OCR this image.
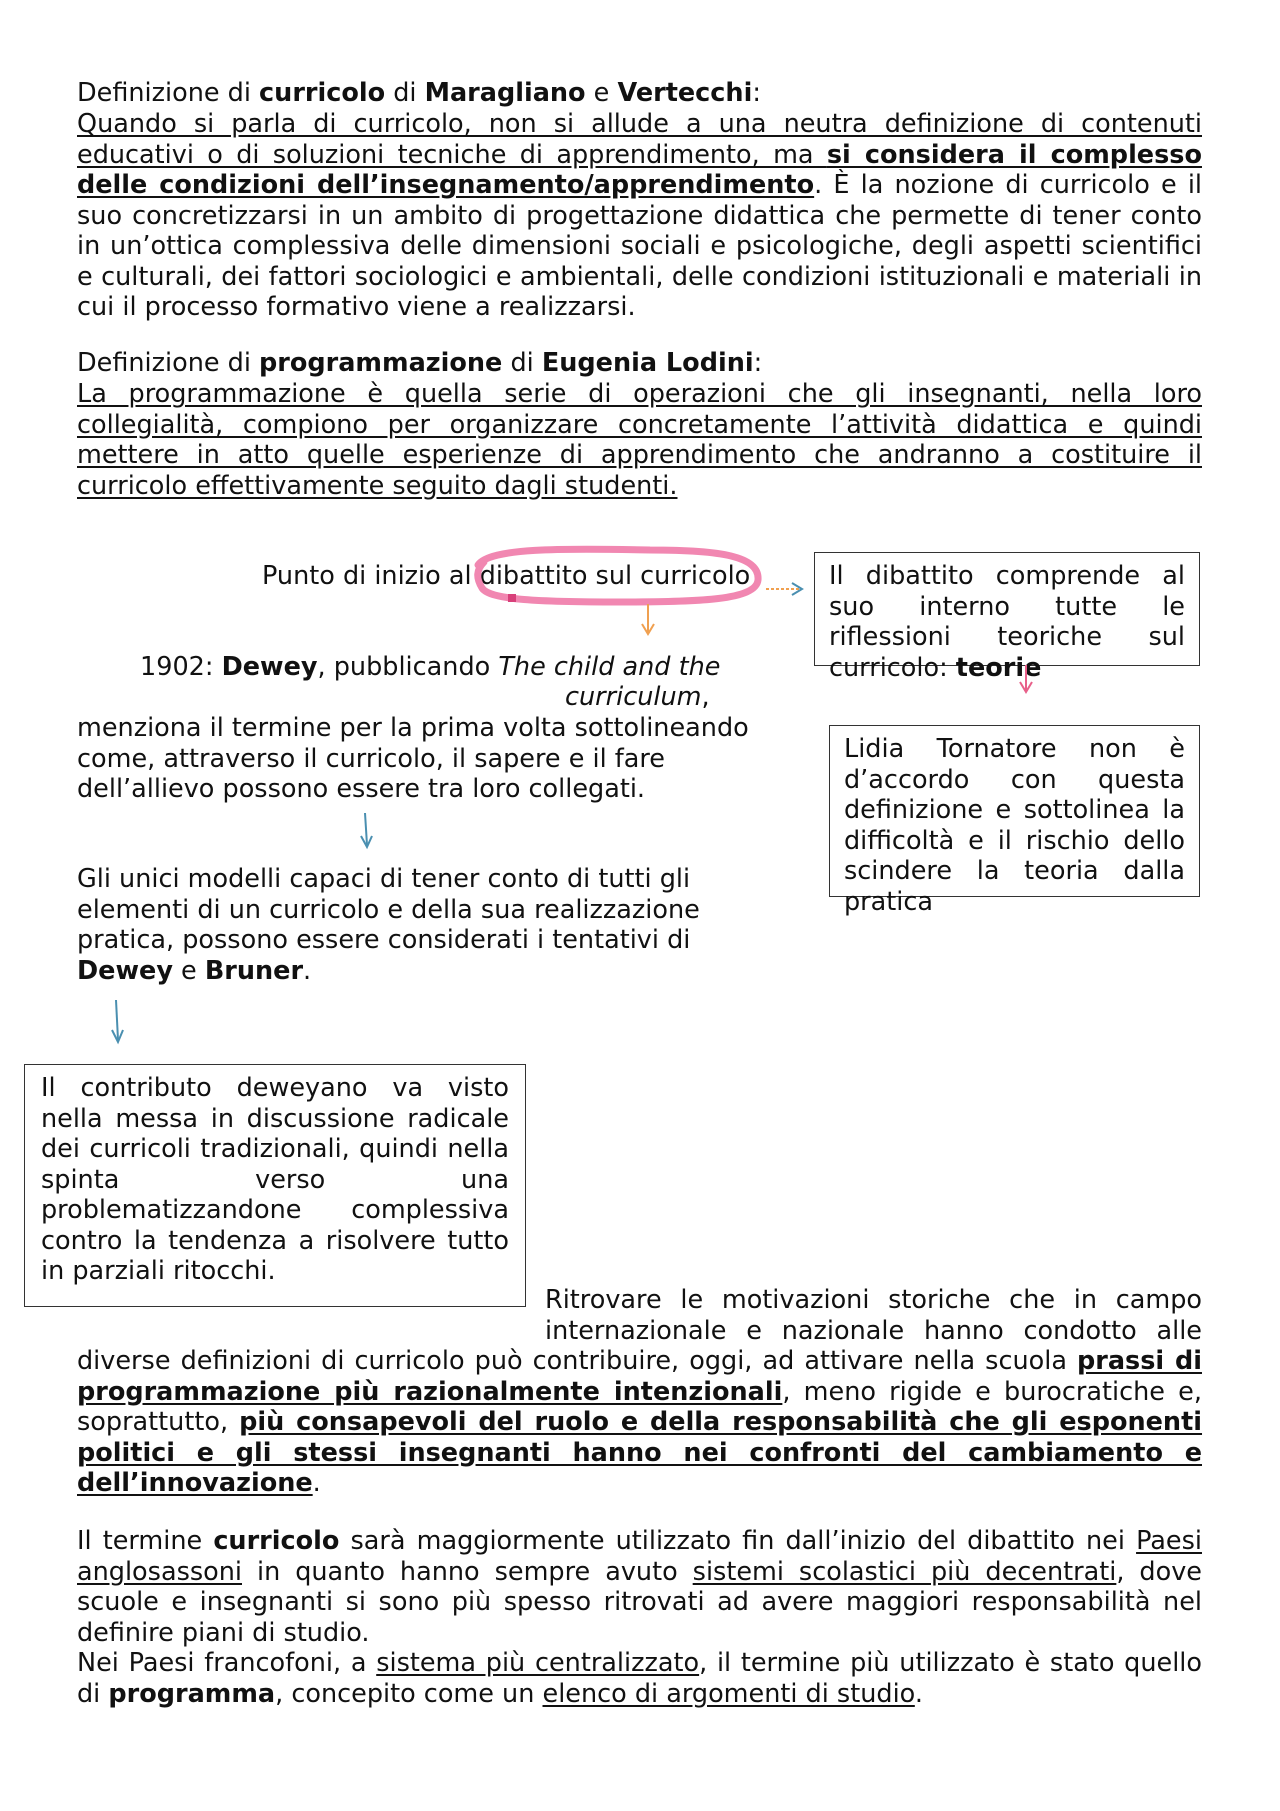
Definizione di curricolo di Maragliano e Vertecchi:

Quando si parla di curricolo, non si allude a una neutra definizione di contenuti educativi o di soluzioni tecniche di apprendimento, ma si considera il complesso delle condizioni dell’insegnamento/apprendimento. È la nozione di curricolo e il suo concretizzarsi in un ambito di progettazione didattica che permette di tener conto in un’ottica complessiva delle dimensioni sociali e psicologiche, degli aspetti scientifici e culturali, dei fattori sociologici e ambientali, delle condizioni istituzionali e materiali in cui il processo formativo viene a realizzarsi.

Definizione di programmazione di Eugenia Lodini:

La programmazione è quella serie di operazioni che gli insegnanti, nella loro collegialità, compiono per organizzare concretamente l’attività didattica e quindi mettere in atto quelle esperienze di apprendimento che andranno a costituire il curricolo effettivamente seguito dagli studenti.

Punto di inizio al dibattito sul curricolo
1902: Dewey, pubblicando The child and the
curriculum,

menziona il termine per la prima volta sottolineando come, attraverso il curricolo, il sapere e il fare dell’allievo possono essere tra loro collegati.

Gli unici modelli capaci di tener conto di tutti gli elementi di un curricolo e della sua realizzazione pratica, possono essere considerati i tentativi di Dewey e Bruner.

Il dibattito comprende al suo interno tutte le riflessioni teoriche sul curricolo: teorie
Lidia Tornatore non è d’accordo con questa definizione e sottolinea la difficoltà e il rischio dello scindere la teoria dalla pratica
Il contributo deweyano va visto nella messa in discussione radicale dei curricoli tradizionali, quindi nella spinta verso una problematizzandone complessiva contro la tendenza a risolvere tutto in parziali ritocchi.

Ritrovare le motivazioni storiche che in campo internazionale e nazionale hanno condotto alle diverse definizioni di curricolo può contribuire, oggi, ad attivare nella scuola prassi di programmazione più razionalmente intenzionali, meno rigide e burocratiche e, soprattutto, più consapevoli del ruolo e della responsabilità che gli esponenti politici e gli stessi insegnanti hanno nei confronti del cambiamento e dell’innovazione.

Il termine curricolo sarà maggiormente utilizzato fin dall’inizio del dibattito nei Paesi anglosassoni in quanto hanno sempre avuto sistemi scolastici più decentrati, dove scuole e insegnanti si sono più spesso ritrovati ad avere maggiori responsabilità nel definire piani di studio.

Nei Paesi francofoni, a sistema più centralizzato, il termine più utilizzato è stato quello di programma, concepito come un elenco di argomenti di studio.
